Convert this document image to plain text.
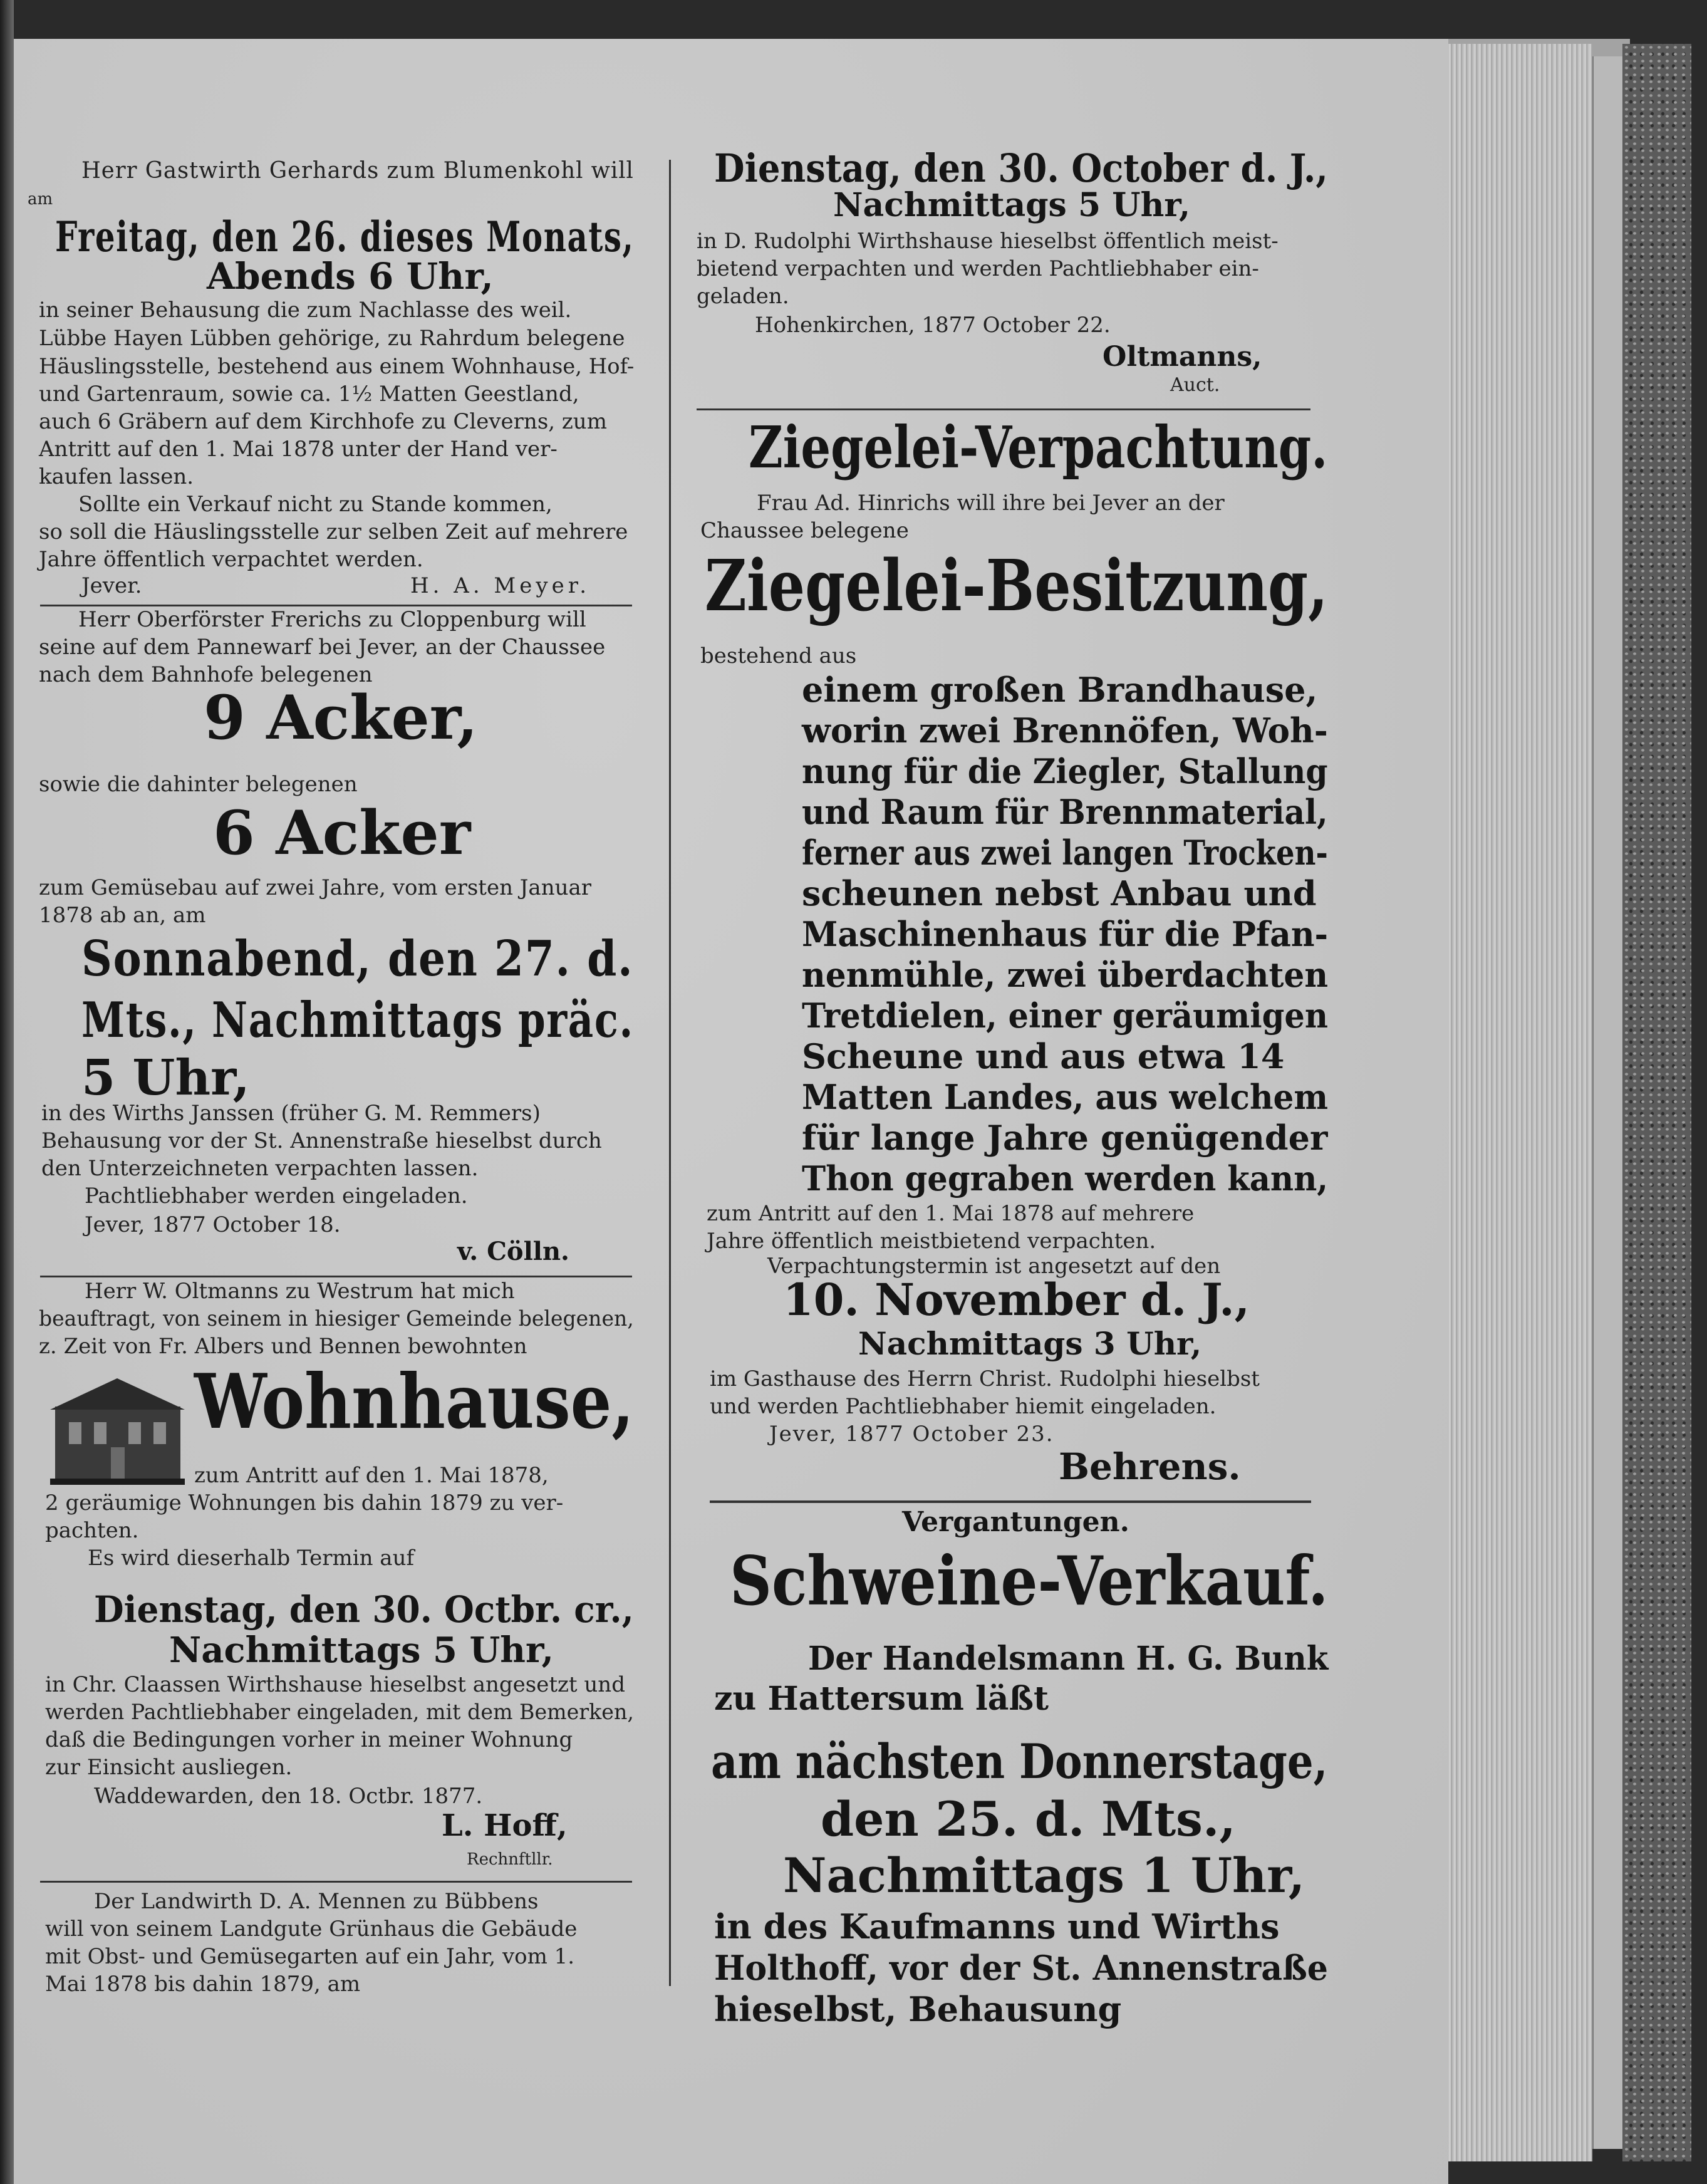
Herr Gastwirth Gerhards zum Blumenkohl will

am

Freitag, den 26. dieses Monats,

Abends 6 Uhr,

in seiner Behausung die zum Nachlasse des weil.

Lübbe Hayen Lübben gehörige, zu Rahrdum belegene

Häuslingsstelle, bestehend aus einem Wohnhause, Hof-

und Gartenraum, sowie ca. 1½ Matten Geestland,

auch 6 Gräbern auf dem Kirchhofe zu Cleverns, zum

Antritt auf den 1. Mai 1878 unter der Hand ver-

kaufen lassen.

Sollte ein Verkauf nicht zu Stande kommen,

so soll die Häuslingsstelle zur selben Zeit auf mehrere

Jahre öffentlich verpachtet werden.

Jever.	H. A. Meyer.

Herr Oberförster Frerichs zu Cloppenburg will

seine auf dem Pannewarf bei Jever, an der Chaussee

nach dem Bahnhofe belegenen

9 Acker,

sowie die dahinter belegenen

6 Acker

zum Gemüsebau auf zwei Jahre, vom ersten Januar

1878 ab an, am

Sonnabend, den 27. d.

Mts., Nachmittags präc.

5 Uhr,

in des Wirths Janssen (früher G. M. Remmers)

Behausung vor der St. Annenstraße hieselbst durch

den Unterzeichneten verpachten lassen.

Pachtliebhaber werden eingeladen.

Jever, 1877 October 18.

v. Cölln.

Herr W. Oltmanns zu Westrum hat mich

beauftragt, von seinem in hiesiger Gemeinde belegenen,

z. Zeit von Fr. Albers und Bennen bewohnten

Wohnhause,

zum Antritt auf den 1. Mai 1878,

2 geräumige Wohnungen bis dahin 1879 zu ver-

pachten.

Es wird dieserhalb Termin auf

Dienstag, den 30. Octbr. cr.,

Nachmittags 5 Uhr,

in Chr. Claassen Wirthshause hieselbst angesetzt und

werden Pachtliebhaber eingeladen, mit dem Bemerken,

daß die Bedingungen vorher in meiner Wohnung

zur Einsicht ausliegen.

Waddewarden, den 18. Octbr. 1877.

L. Hoff,

Rechnftllr.

Der Landwirth D. A. Mennen zu Bübbens

will von seinem Landgute Grünhaus die Gebäude

mit Obst- und Gemüsegarten auf ein Jahr, vom 1.

Mai 1878 bis dahin 1879, am

Dienstag, den 30. October d. J.,

Nachmittags 5 Uhr,

in D. Rudolphi Wirthshause hieselbst öffentlich meist-

bietend verpachten und werden Pachtliebhaber ein-

geladen.

Hohenkirchen, 1877 October 22.

Oltmanns,

Auct.

Ziegelei-Verpachtung.

Frau Ad. Hinrichs will ihre bei Jever an der

Chaussee belegene

Ziegelei-Besitzung,

bestehend aus

einem großen Brandhause,

worin zwei Brennöfen, Woh-

nung für die Ziegler, Stallung

und Raum für Brennmaterial,

ferner aus zwei langen Trocken-

scheunen nebst Anbau und

Maschinenhaus für die Pfan-

nenmühle, zwei überdachten

Tretdielen, einer geräumigen

Scheune und aus etwa 14

Matten Landes, aus welchem

für lange Jahre genügender

Thon gegraben werden kann,

zum Antritt auf den 1. Mai 1878 auf mehrere

Jahre öffentlich meistbietend verpachten.

Verpachtungstermin ist angesetzt auf den

10. November d. J.,

Nachmittags 3 Uhr,

im Gasthause des Herrn Christ. Rudolphi hieselbst

und werden Pachtliebhaber hiemit eingeladen.

Jever, 1877 October 23.

Behrens.

Vergantungen.

Schweine-Verkauf.

Der Handelsmann H. G. Bunk

zu Hattersum läßt

am nächsten Donnerstage,

den 25. d. Mts.,

Nachmittags 1 Uhr,

in des Kaufmanns und Wirths

Holthoff, vor der St. Annenstraße

hieselbst, Behausung
